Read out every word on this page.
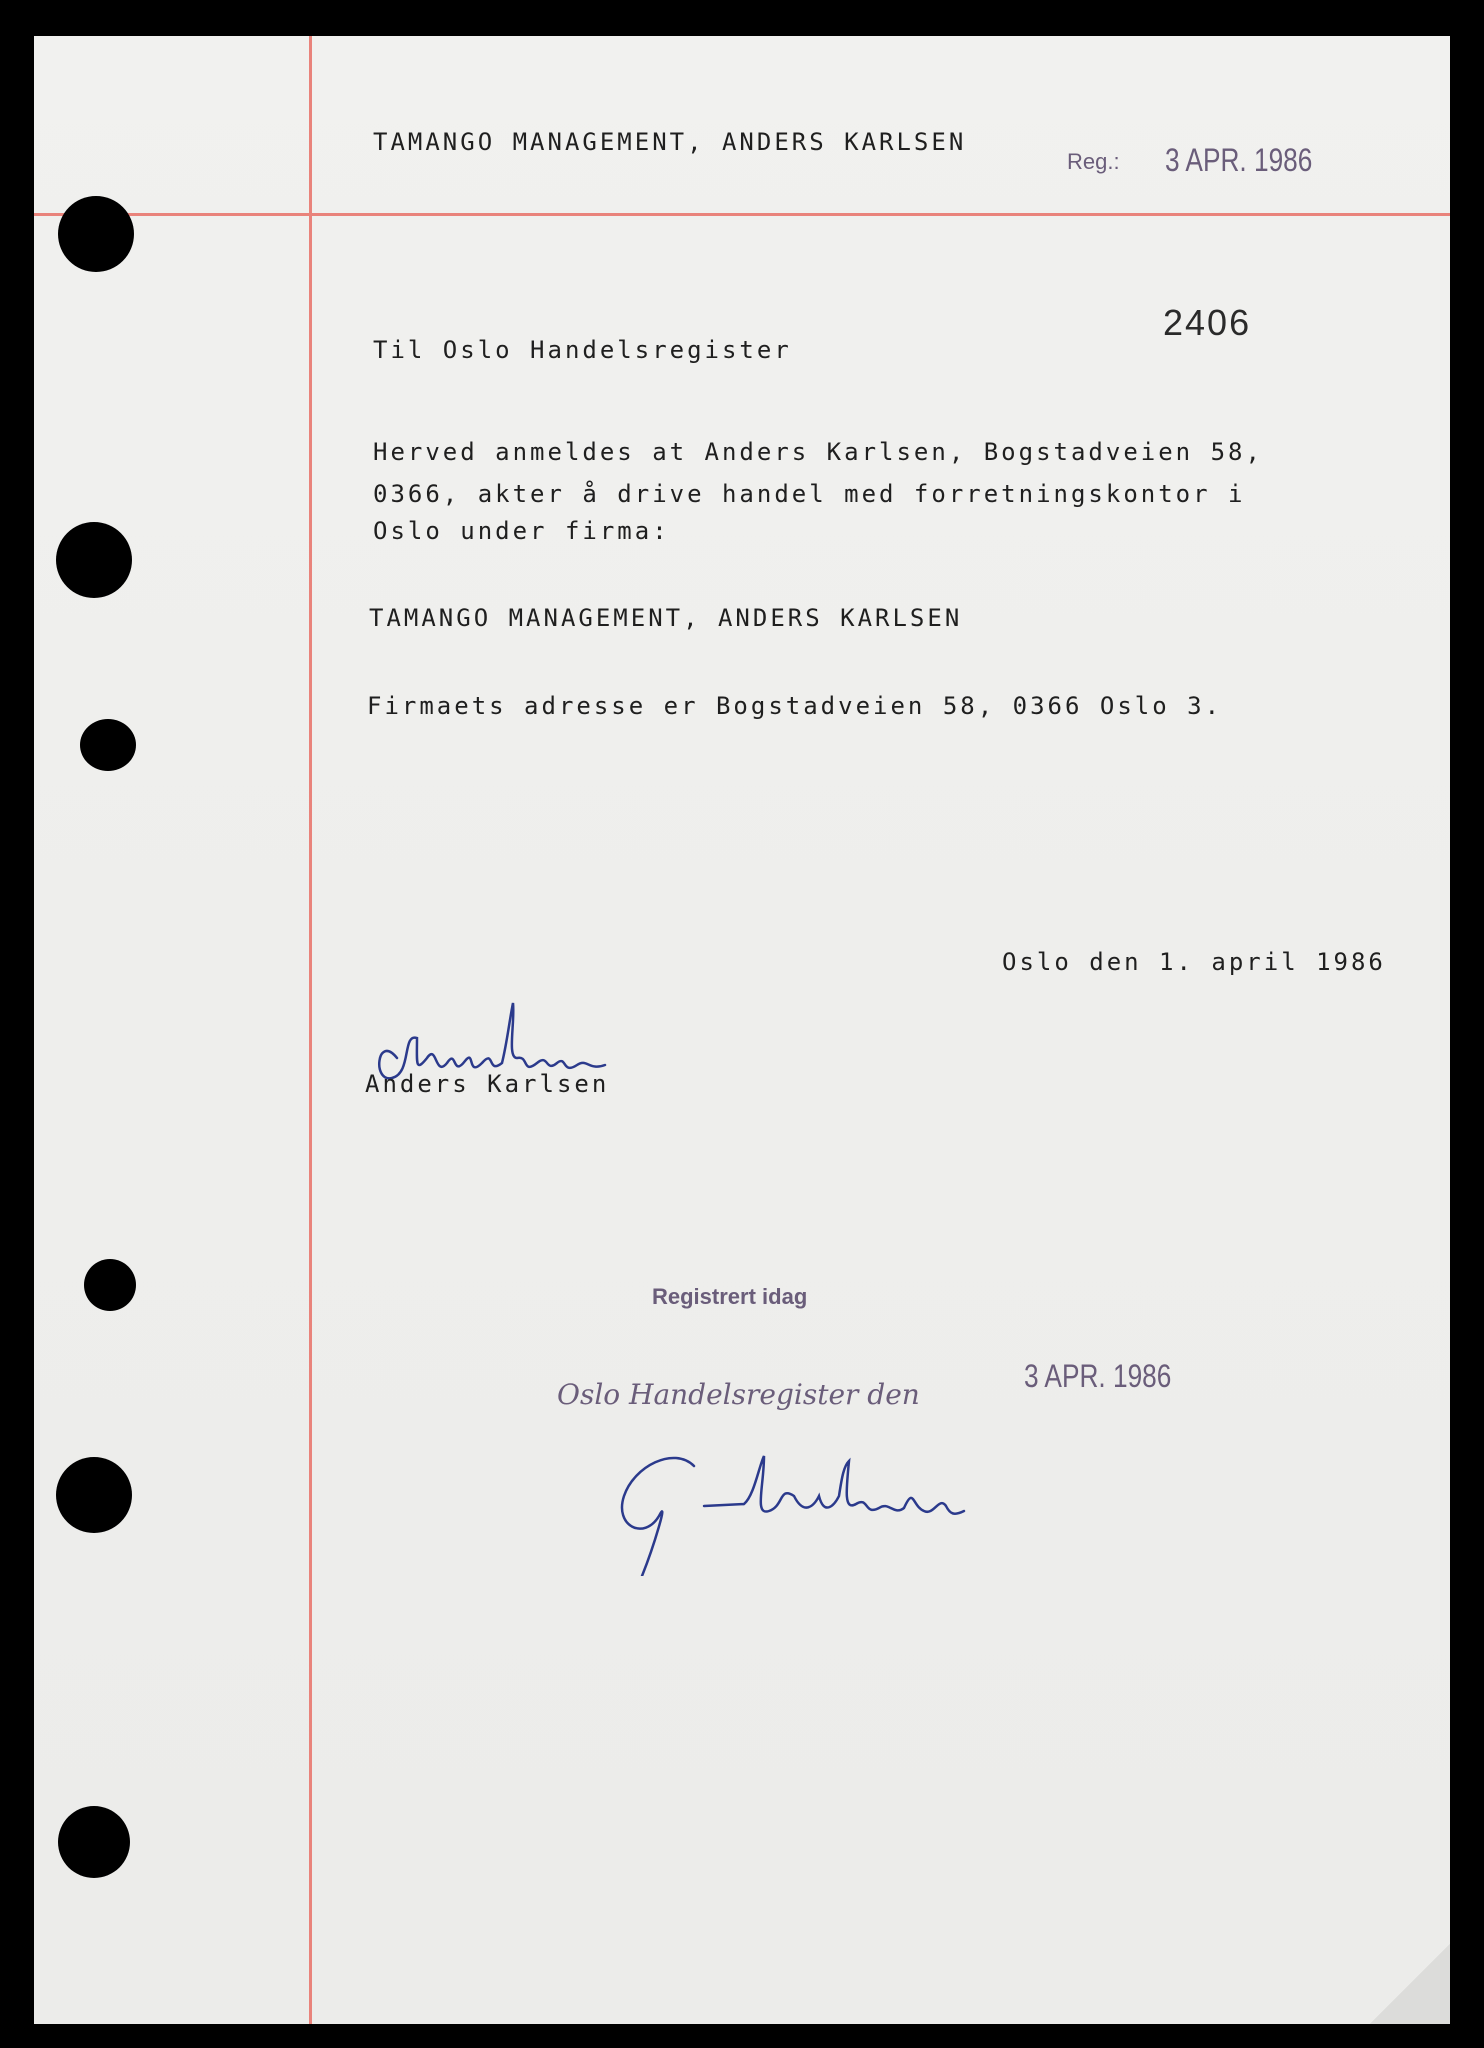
TAMANGO MANAGEMENT, ANDERS KARLSEN
Reg.: 3 APR. 1986
2406
Til Oslo Handelsregister
Herved anmeldes at Anders Karlsen, Bogstadveien 58,
0366, akter å drive handel med forretningskontor i
Oslo under firma:
TAMANGO MANAGEMENT, ANDERS KARLSEN
Firmaets adresse er Bogstadveien 58, 0366 Oslo 3.
Oslo den 1. april 1986
Anders Karlsen
Registrert idag
Oslo Handelsregister den
3 APR. 1986
